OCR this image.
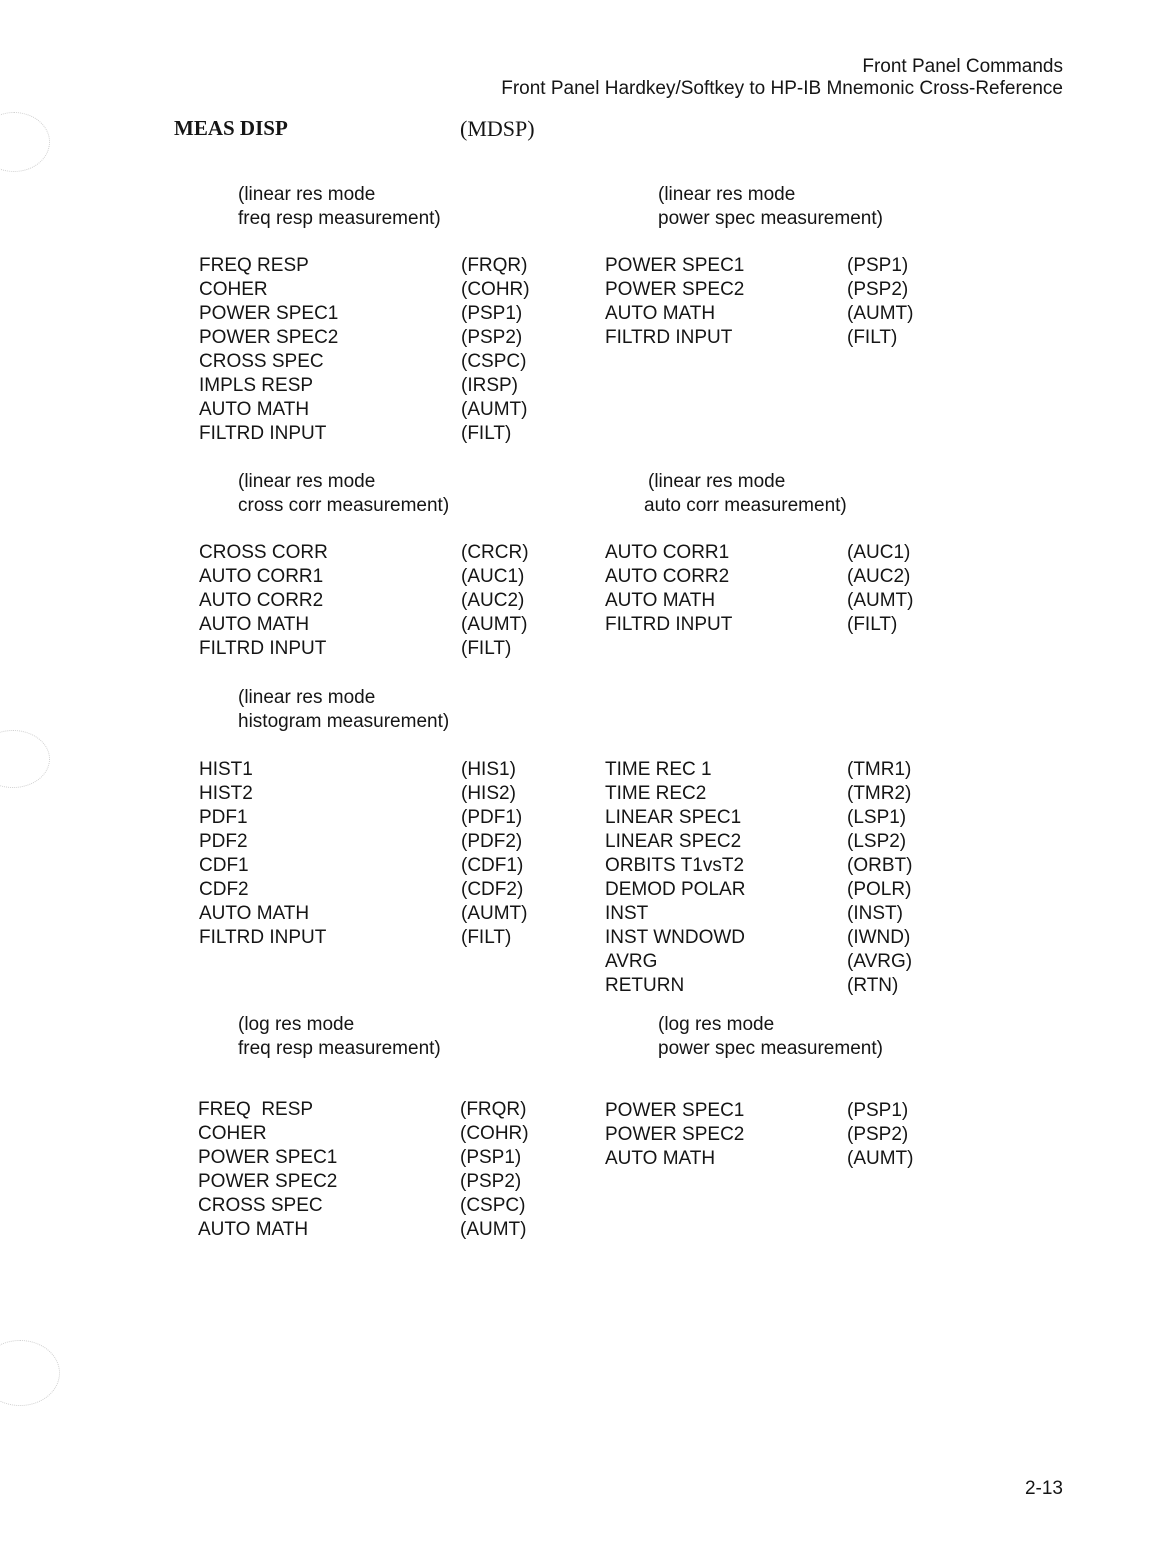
Front Panel Commands
Front Panel Hardkey/Softkey to HP-IB Mnemonic Cross-Reference
MEAS DISP	(MDSP)
(linear res mode
freq resp measurement)
FREQ RESP	(FRQR)
COHER	(COHR)
POWER SPEC1	(PSP1)
POWER SPEC2	(PSP2)
CROSS SPEC	(CSPC)
IMPLS RESP	(IRSP)
AUTO MATH	(AUMT)
FILTRD INPUT	(FILT)
(linear res mode
power spec measurement)
POWER SPEC1	(PSP1)
POWER SPEC2	(PSP2)
AUTO MATH	(AUMT)
FILTRD INPUT	(FILT)
(linear res mode
cross corr measurement)
CROSS CORR	(CRCR)
AUTO CORR1	(AUC1)
AUTO CORR2	(AUC2)
AUTO MATH	(AUMT)
FILTRD INPUT	(FILT)
(linear res mode
auto corr measurement)
AUTO CORR1	(AUC1)
AUTO CORR2	(AUC2)
AUTO MATH	(AUMT)
FILTRD INPUT	(FILT)
(linear res mode
histogram measurement)
HIST1	(HIS1)
HIST2	(HIS2)
PDF1	(PDF1)
PDF2	(PDF2)
CDF1	(CDF1)
CDF2	(CDF2)
AUTO MATH	(AUMT)
FILTRD INPUT	(FILT)
TIME REC 1	(TMR1)
TIME REC2	(TMR2)
LINEAR SPEC1	(LSP1)
LINEAR SPEC2	(LSP2)
ORBITS T1vsT2	(ORBT)
DEMOD POLAR	(POLR)
INST	(INST)
INST WNDOWD	(IWND)
AVRG	(AVRG)
RETURN	(RTN)
(log res mode
freq resp measurement)
FREQ  RESP	(FRQR)
COHER	(COHR)
POWER SPEC1	(PSP1)
POWER SPEC2	(PSP2)
CROSS SPEC	(CSPC)
AUTO MATH	(AUMT)
(log res mode
power spec measurement)
POWER SPEC1	(PSP1)
POWER SPEC2	(PSP2)
AUTO MATH	(AUMT)
2-13
